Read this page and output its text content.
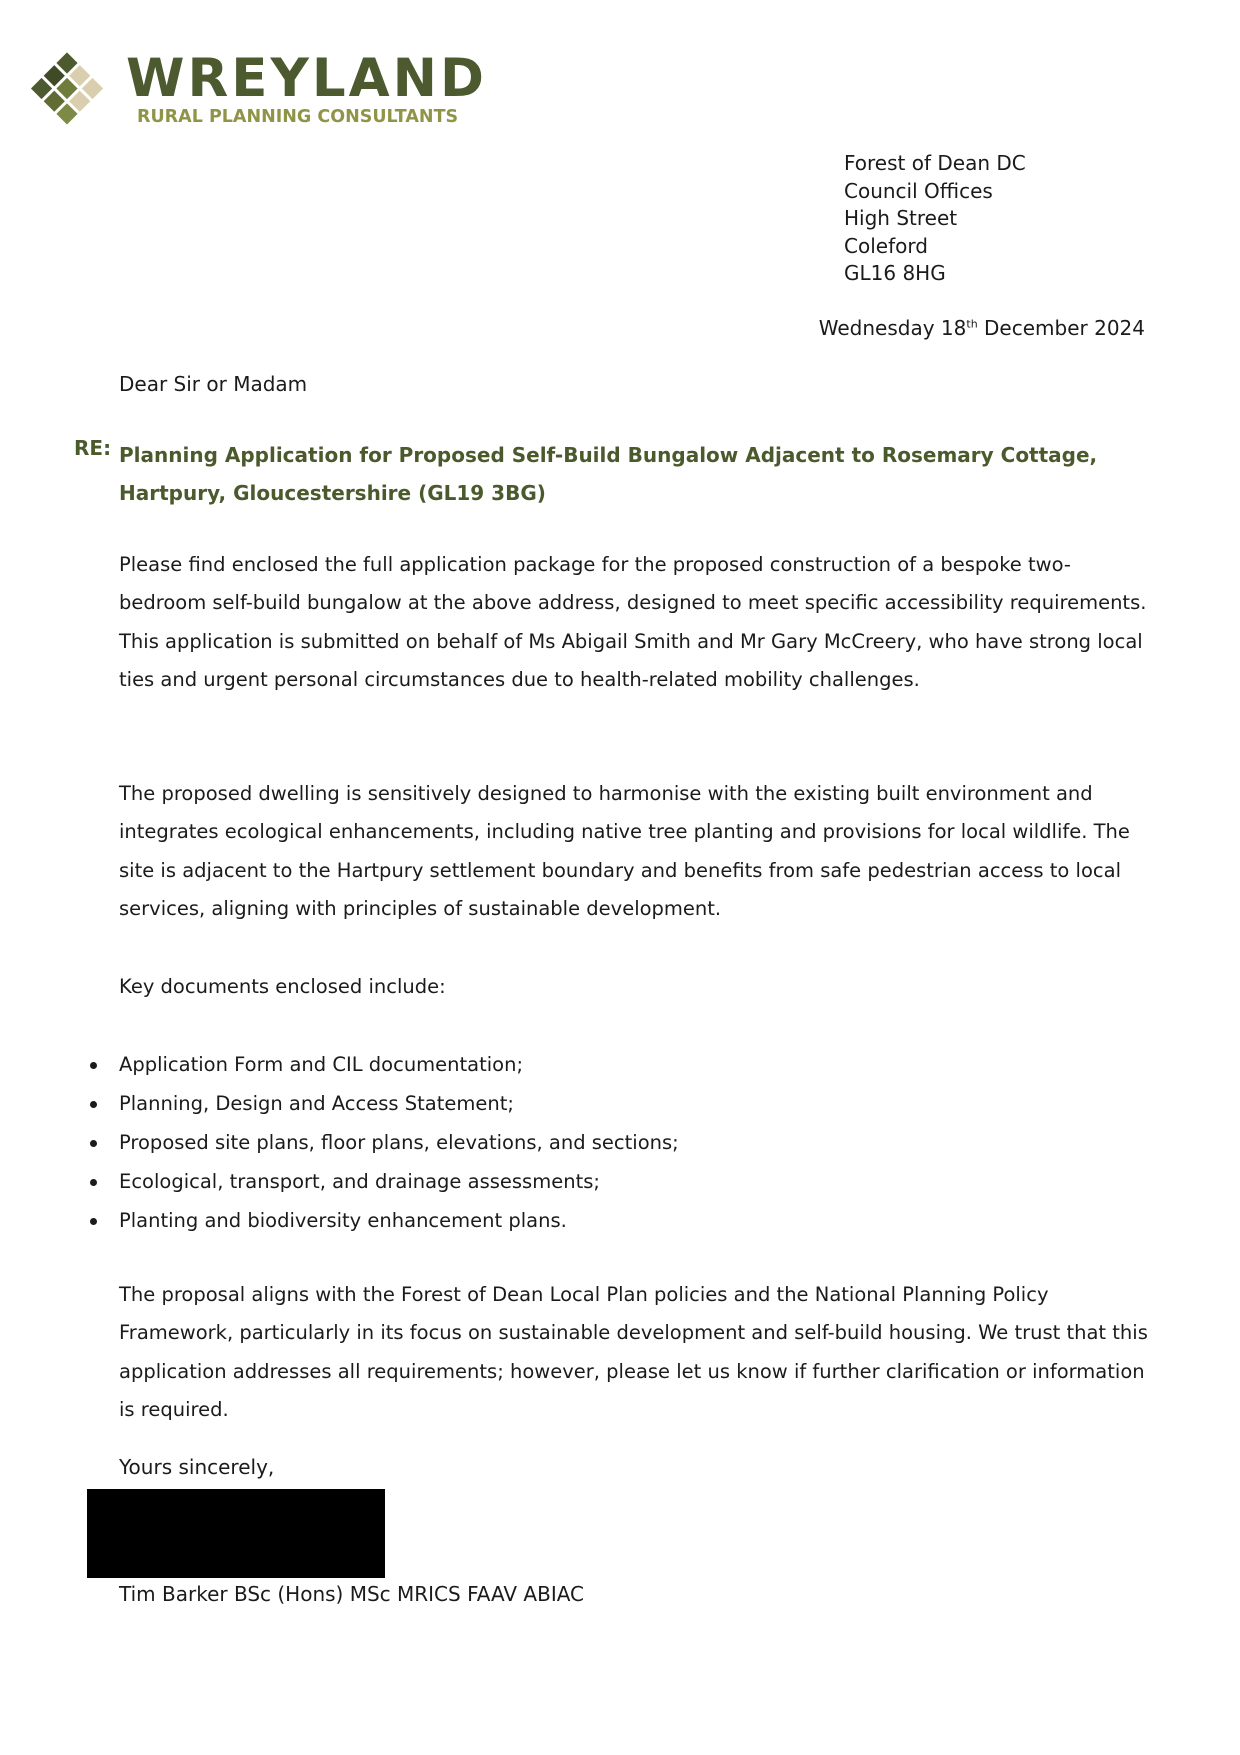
WREYLAND
RURAL PLANNING CONSULTANTS
Forest of Dean DC
Council Offices
High Street
Coleford
GL16 8HG
Wednesday 18th December 2024
Dear Sir or Madam
RE: Planning Application for Proposed Self-Build Bungalow Adjacent to Rosemary Cottage, Hartpury, Gloucestershire (GL19 3BG)
Please find enclosed the full application package for the proposed construction of a bespoke two-bedroom self-build bungalow at the above address, designed to meet specific accessibility requirements. This application is submitted on behalf of Ms Abigail Smith and Mr Gary McCreery, who have strong local ties and urgent personal circumstances due to health-related mobility challenges.
The proposed dwelling is sensitively designed to harmonise with the existing built environment and integrates ecological enhancements, including native tree planting and provisions for local wildlife. The site is adjacent to the Hartpury settlement boundary and benefits from safe pedestrian access to local services, aligning with principles of sustainable development.
Key documents enclosed include:
Application Form and CIL documentation;
Planning, Design and Access Statement;
Proposed site plans, floor plans, elevations, and sections;
Ecological, transport, and drainage assessments;
Planting and biodiversity enhancement plans.
The proposal aligns with the Forest of Dean Local Plan policies and the National Planning Policy Framework, particularly in its focus on sustainable development and self-build housing. We trust that this application addresses all requirements; however, please let us know if further clarification or information is required.
Yours sincerely,
Tim Barker BSc (Hons) MSc MRICS FAAV ABIAC
